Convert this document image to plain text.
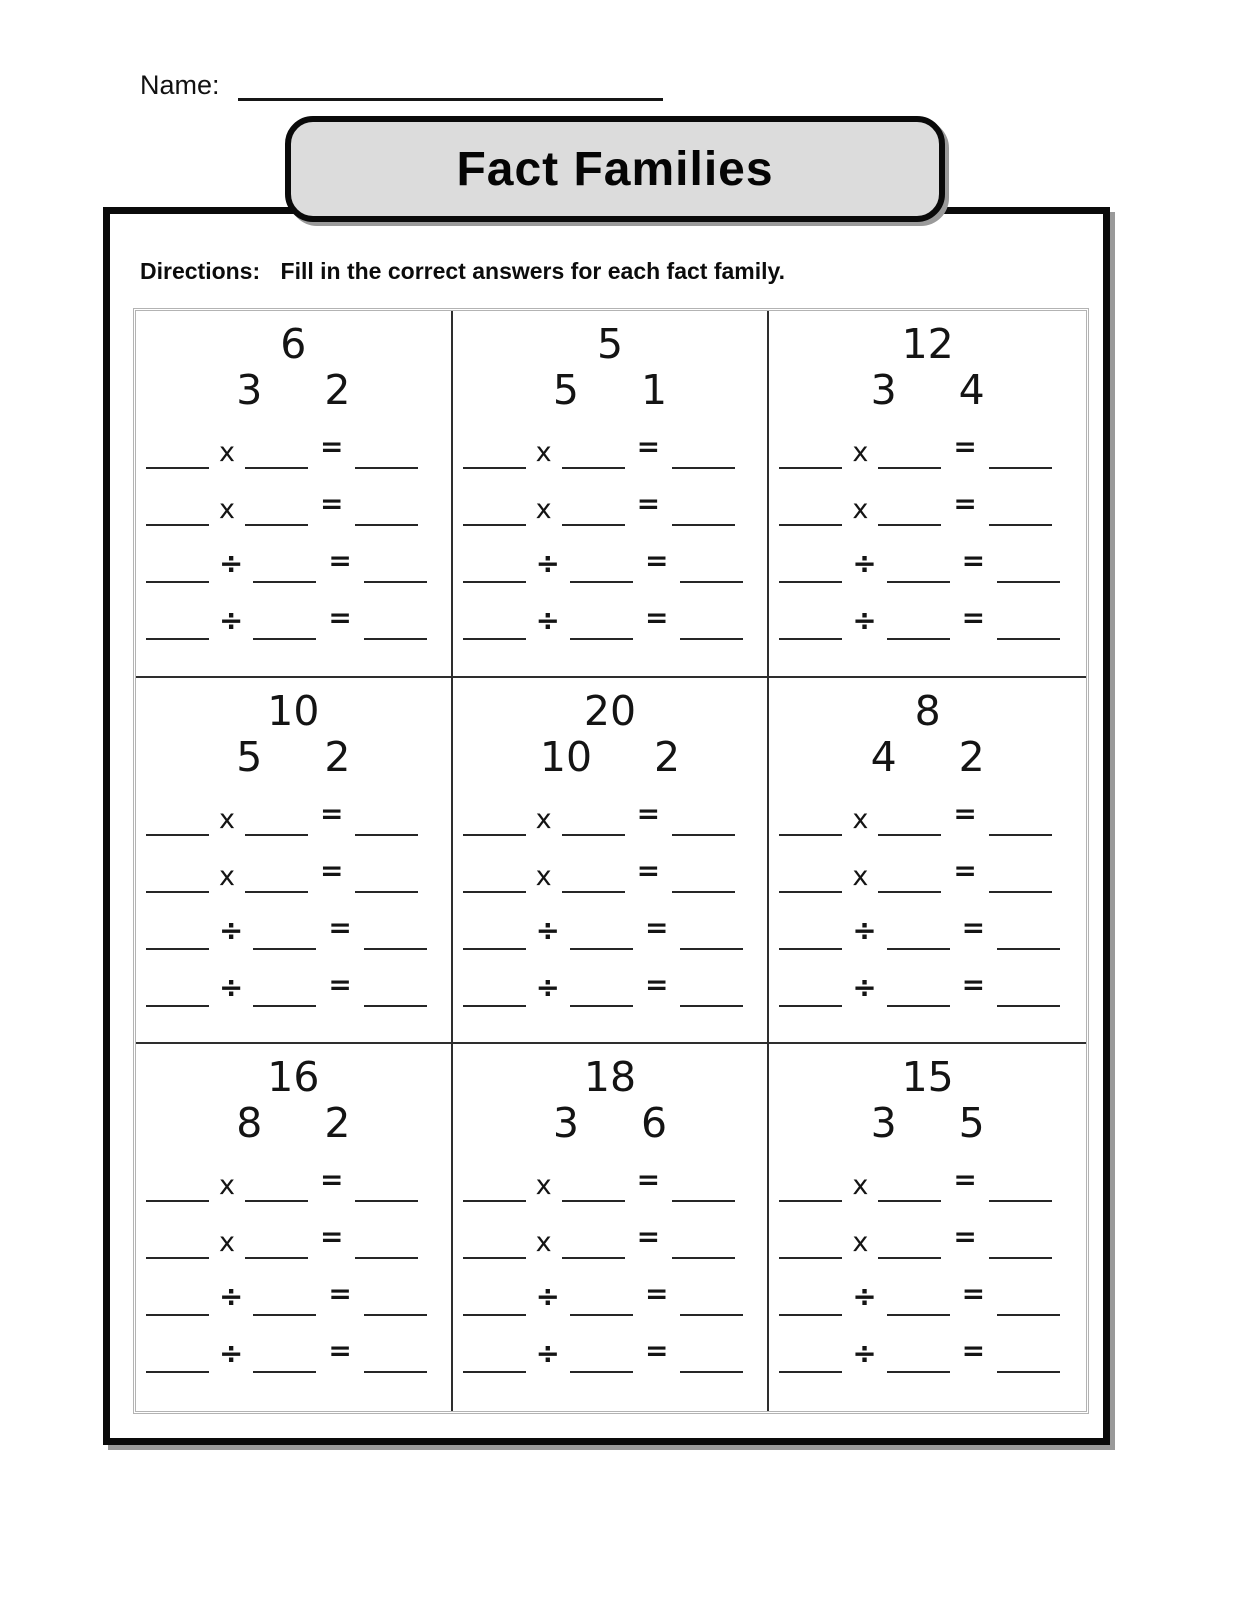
Name:
Fact Families
Directions: Fill in the correct answers for each fact family.
6
3 2
x	=
x	=
÷	=
÷	=
5
5 1
x	=
x	=
÷	=
÷	=
12
3 4
x	=
x	=
÷	=
÷	=
10
5 2
x	=
x	=
÷	=
÷	=
20
10 2
x	=
x	=
÷	=
÷	=
8
4 2
x	=
x	=
÷	=
÷	=
16
8 2
x	=
x	=
÷	=
÷	=
18
3 6
x	=
x	=
÷	=
÷	=
15
3 5
x	=
x	=
÷	=
÷	=
